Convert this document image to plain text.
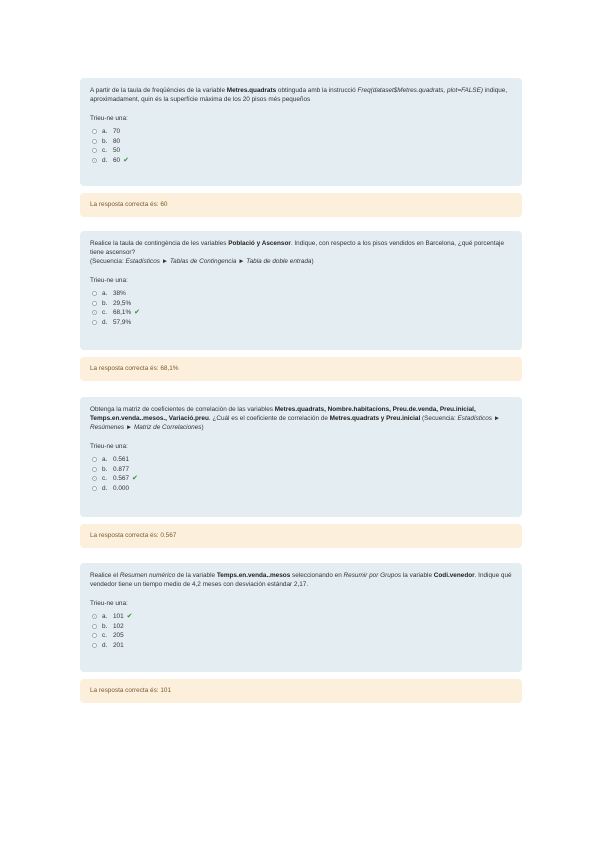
A partir de la taula de freqüències de la variable Metres.quadrats obtinguda amb la instrucció Freq(dataset$Metres.quadrats, plot=FALSE) indique, aproximadament, quin és la superfície màxima de los 20 pisos més pequeños

Trieu-ne una:
a. 70
b. 80
c. 50
d. 60 ✔
La resposta correcta és: 60

Realice la taula de contingència de les variables Població y Ascensor. Indique, con respecto a los pisos vendidos en Barcelona, ¿qué porcentaje tiene ascensor?
(Secuencia: Estadísticos ► Tablas de Contingencia ► Tabla de doble entrada)

Trieu-ne una:
a. 38%
b. 29,5%
c. 68,1% ✔
d. 57,9%
La resposta correcta és: 68,1%

Obtenga la matriz de coeficientes de correlación de las variables Metres.quadrats, Nombre.habitacions, Preu.de.venda, Preu.inicial, Temps.en.venda..mesos., Variació.preu. ¿Cuál es el coeficiente de correlación de Metres.quadrats y Preu.inicial (Secuencia: Estadísticos ► Resúmenes ► Matriz de Correlaciones)

Trieu-ne una:
a. 0.561
b. 0.877
c. 0.567 ✔
d. 0.000
La resposta correcta és: 0.567

Realice el Resumen numérico de la variable Temps.en.venda..mesos seleccionando en Resumir por Grupos la variable Codi.venedor. Indique qué vendedor tiene un tiempo medio de 4,2 meses con desviación estándar 2,17.

Trieu-ne una:
a. 101 ✔
b. 102
c. 205
d. 201
La resposta correcta és: 101
